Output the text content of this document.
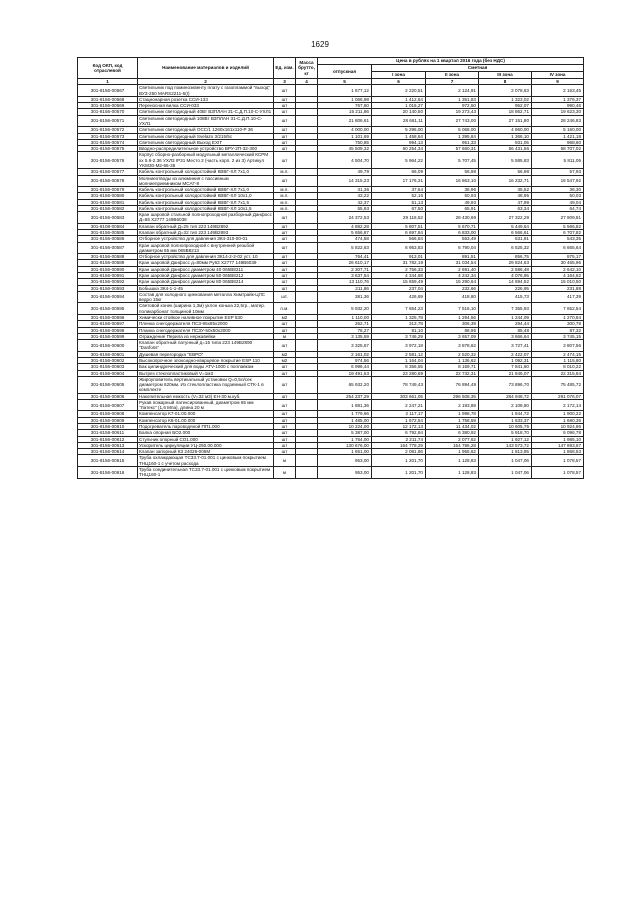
1629
Код ОКП, код отраслевой	Наименование материалов и изделий	Ед. изм.	Масса брутто, кг	Цена в рублях на 1 квартал 2016 года (без НДС)				
				отпускная	Сметная			
					I зона	II зона	III зона	IV зона
1	2	3	4	5	6	7	8	9
301-8156-00567	Светильник под поминоэквенту плату с газопламмой "выход" ВУЗ-250 МАRS2211-6(I)	шт		1 677,12	2 220,51	2 124,91	2 078,63	2 163,45
301-8156-00568	Стационарная розетка ССИ-133	шт		1 066,98	1 412,64	1 351,83	1 323,02	1 376,37
301-8156-00569	Переносная вилка ССИ-033	шт		767,60	1 016,27	972,50	952,07	990,46
301-8156-00570	Светильник светодиодный 40Вт ВЗПЛАН 31-С.Д.П.10-С-УХЛ1	шт		15 211,86	20 140,50	19 273,43	18 862,71	19 623,30
301-8156-00571	Светильник светодиодный 108Вт ВЗПЛАН 31-С.Д.П.10-С-УХЛ1	шт		21 806,61	28 661,11	27 743,00	27 151,80	28 246,83
301-8156-00572	Светильник светодиодный ОСС/1 1260х161х110-Р 36	шт		4 000,00	5 296,00	5 068,00	4 960,00	5 160,00
301-8156-00573	Светильник светодиодный Svelazo 3/215/5с	шт		1 101,69	1 458,64	1 395,84	1 366,10	1 421,18
301-8156-00574	Светильник светодиодный Выход ЕХIТ	шт		750,85	994,13	951,33	931,05	968,60
301-8156-00575	Вводно-распределительное устройство ВРУ-2П-32-300	шт		45 509,32	60 254,34	57 660,31	56 431,56	58 707,02
301-8156-00576	Корпус сборно-разборный модульный металлический КСРМ хх 5.6-2.36 УХЛ3 IP31 Место 2 (часть корп. 2 из 3) Артикул YKM30-M2-66-36	шт		4 504,70	5 964,22	5 707,45	5 585,83	5 811,06
301-8156-00577	Кабель контрольный холодостойкий КВВГ-ХЛ 7х1,0	м.п.		49,79	66,09	56,98	56,98	57,93
301-8156-00578	Молниеотводы из алюминия с пассивным молниеприемником МСАГ-8	шт		14 315,23	17 176,31	16 863,10	16 232,71	16 547,92
301-8156-00579	Кабель контрольный холодостойкий КВВГ-ХЛ 7х1,0	м.п.		31,36	37,64	36,96	35,52	36,30
301-8156-00580	Кабель контрольный холодостойкий КВВГ-ХЛ 10х1,0	м.п.		43,22	52,16	50,93	48,95	50,03
301-8156-00581	Кабель контрольный холодостойкий КВВГ-ХЛ 7х1,5	м.п.		42,37	51,13	49,93	47,99	49,04
301-8156-00582	Кабель контрольный холодостойкий КВВГ-ХЛ 10х1,5	м.п.		55,93	67,50	65,91	63,34	64,74
301-8156-00583	Кран шаровой стальной полнопроходной разборный Данфосс Д=65 X2777 149В6038	шт		24 372,53	29 116,52	28 430,69	27 322,29	27 909,81
301-8108-00584	Клапан обратный Д=25 тип 223 149В2892	шт		4 882,28	5 807,51	5 670,71	5 449,64	5 566,82
301-8156-00585	Клапан обратный Д=32 тип 223 149В2893	шт		5 656,87	6 697,84	6 833,00	6 566,61	6 707,82
301-8156-00586	Отборное устройство для давления ЗК4-310-00-01	шт		474,58	566,84	553,49	531,91	543,35
301-8156-00587	Кран шаровой полнопроходной с внутренней резьбой диаметром 65 мм 065В8213	шт		5 822,63	6 953,83	6 790,04	6 525,32	6 665,64
301-8156-00588	Отборное устройство для давления ЗК14-2-2-02 уст. 10	шт		764,41	913,01	891,51	856,75	875,17
301-8156-00589	Кран шаровой Данфосс д=80мм Ру63 X2777 149В6039	шт		26 610,17	31 782,19	31 034,54	29 824,63	30 465,96
301-8156-00590	Кран шаровой Данфосс диаметром 40 065В8211	шт		2 307,71	2 756,33	2 691,40	2 586,48	2 642,10
301-8156-00591	Кран шаровой Данфосс диаметром 50 065В8212	шт		3 637,54	4 344,68	4 242,34	4 076,95	4 164,62
301-8156-00592	Кран шаровой Данфосс диаметром 80 065В8214	шт		13 110,76	15 659,49	15 290,64	14 694,52	15 010,50
301-8156-00593	Бобышка ЗК4-1-1-45	шт		211,86	237,04	232,66	226,95	231,88
301-8156-00594	Состав для холодного цинкования металла Химтрайк-ЦЛС ведро 15кг	шт.		381,36	426,69	418,80	415,73	417,39
301-8156-00595	Световой конек (ширина 1,3м) уклон конька 22,5гр., матер. поликарбонат толщиной 10мм	п.м.		5 932,20	7 654,23	7 516,10	7 355,93	7 652,54
301-8156-00596	Химически стойкое наливное покрытие ESP 530	м2		1 110,00	1 325,78	1 294,56	1 244,09	1 270,84
301-8156-00597	Пленка снегодержателя ПСЗ-95х85х2000	шт		262,71	313,78	306,39	294,44	300,78
301-8156-00598	Планка снегодержателя ПСЗУ-50х50х2000	шт		76,27	91,10	88,95	85,48	87,32
301-8156-00599	Ограждение Перила из нержавейки	м		3 135,59	3 746,29	3 657,09	3 666,64	3 745,15
301-8156-00600	Клапан обратный латунный д=15 типа 223 149В2890 "Danfoss"	шт		3 325,67	3 972,18	3 878,62	3 727,41	3 807,56
301-8156-00601	Душевая перегородка "ЕВРО"	м2		2 161,02	2 581,12	2 520,32	2 422,07	2 474,15
301-8156-00602	Высокопрочное эпоксидно-кварцевое покрытие ESP 110	м2		974,56	1 164,04	1 136,62	1 092,31	1 115,80
301-8156-00603	Бак цилиндрический для воды АТV-1000 с поплавком	шт		6 996,44	8 356,55	8 159,71	7 841,60	8 010,22
301-8156-00604	Вытрез стеклопластиковый V=1м3	шт		19 491,53	23 280,69	22 732,31	21 846,07	22 315,84
301-8156-00605	Жироуловитель вертикальный установки Q=0,5л/сек диаметром 620мм. Из стеклопластика подземный СТК-1 в комплекте	шт		65 932,20	78 749,43	76 894,49	73 896,70	75 485,72
301-8156-00606	Накопительная емкость (V=32 м3) ЕН-30 м.куб.	шт		254 237,29	303 661,05	296 508,35	284 948,72	291 076,07
301-8156-00607	Рукав пожарный латексированный, диаметром 65 мм "Латекс" (1,6 Мпа), длина 20 м	шт		1 881,36	2 247,21	2 193,89	2 108,80	2 172,14
301-8156-00608	Компенсатор К7-01.00.000	шт		1 779,66	2 117,17	1 998,78	1 844,72	1 900,22
301-8156-00609	Компенсатор К8-01.00.000	шт		1 485,00	1 672,54	1 758,59	1 633,37	1 680,36
301-8156-00610	Подогреватель пароводяной ПП1.000	шт		10 224,00	12 172,13	11 434,02	10 605,75	10 924,86
301-8156-00611	Балка опорная БО2.000	шт		5 387,00	6 792,84	6 380,92	5 918,70	6 096,78
301-8156-00612	Стульчик опорный СО1.000	шт		1 754,00	2 211,74	2 077,62	1 927,12	1 985,10
301-8156-00613	Ускоритель циркуляции УЦ-250.00.000	шт		130 676,00	164 778,29	154 786,28	143 573,72	147 893,67
301-8156-00614	Клапан запорный КЗ 24026-006М	шт		1 651,00	2 081,86	1 955,62	1 813,95	1 868,53
301-8156-00615	Труба охлаждающая ТС33.7-01.001 с цинковым покрытием ТНЦ160-1 с учетом расхода	м		953,00	1 201,70	1 128,83	1 047,06	1 078,57
301-8156-00616	Труба соединительная ТС33.7-01.001 с цинковым покрытием ТНЦ160-1	м		953,00	1 201,70	1 128,83	1 047,06	1 078,57
